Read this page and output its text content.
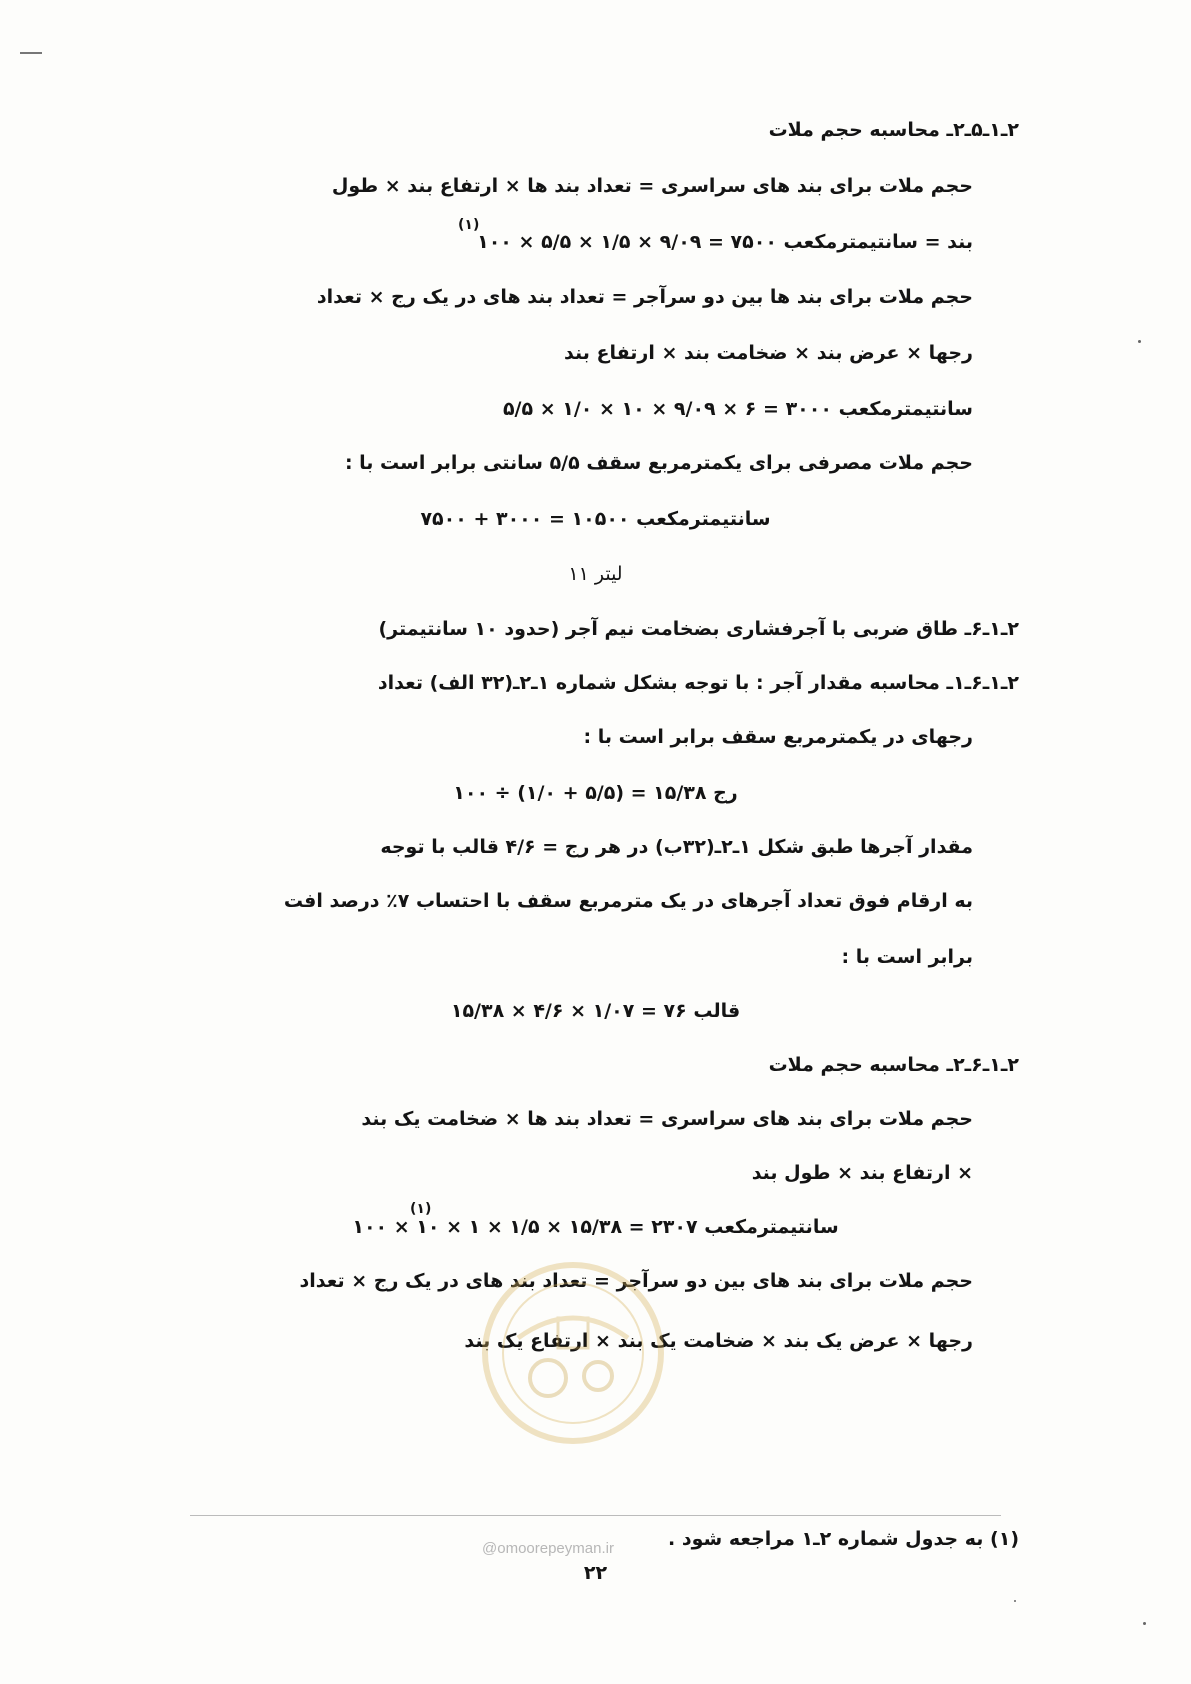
۲ـ۱ـ۵ـ۲ـ محاسبه حجم ملات
حجم ملات برای بند های سراسری = تعداد بند ها × ارتفاع بند × طول
(۱)
بند = سانتیمترمکعب ۷۵۰۰ = ۹/۰۹ × ۱/۵ × ۵/۵ × ۱۰۰
حجم ملات برای بند ها بین دو سرآجر = تعداد بند های در یک رج × تعداد
رجها × عرض بند × ضخامت بند × ارتفاع بند
سانتیمترمکعب ۳۰۰۰ = ۶ × ۹/۰۹ × ۱۰ × ۱/۰ × ۵/۵
حجم ملات مصرفی برای یکمترمربع سقف ۵/۵ سانتی برابر است با :
سانتیمترمکعب ۱۰۵۰۰ = ۳۰۰۰ + ۷۵۰۰
لیتر ۱۱
۲ـ۱ـ۶ـ طاق ضربی با آجرفشاری بضخامت نیم آجر (حدود ۱۰ سانتیمتر)
۲ـ۱ـ۶ـ۱ـ محاسبه مقدار آجر : با توجه بشکل شماره ۱ـ۲ـ(۳۲ الف) تعداد
رجهای در یکمترمربع سقف برابر است با :
رج ۱۵/۳۸ = (۵/۵ + ۱/۰) ÷ ۱۰۰
مقدار آجرها طبق شکل ۱ـ۲ـ(۳۲ب) در هر رج = ۴/۶ قالب با توجه
به ارقام فوق تعداد آجرهای در یک مترمربع سقف با احتساب ۷٪ درصد افت
برابر است با :
قالب ۷۶ = ۱/۰۷ × ۴/۶ × ۱۵/۳۸
۲ـ۱ـ۶ـ۲ـ محاسبه حجم ملات
حجم ملات برای بند های سراسری = تعداد بند ها × ضخامت یک بند
× ارتفاع بند × طول بند
(۱)
سانتیمترمکعب ۲۳۰۷ = ۱۵/۳۸ × ۱/۵ × ۱ × ۱۰ × ۱۰۰
حجم ملات برای بند های بین دو سرآجر = تعداد بند های در یک رج × تعداد
رجها × عرض یک بند × ضخامت یک بند × ارتفاع یک بند
(۱) به جدول شماره ۲ـ۱ مراجعه شود .
@omoorepeyman.ir
۲۲
